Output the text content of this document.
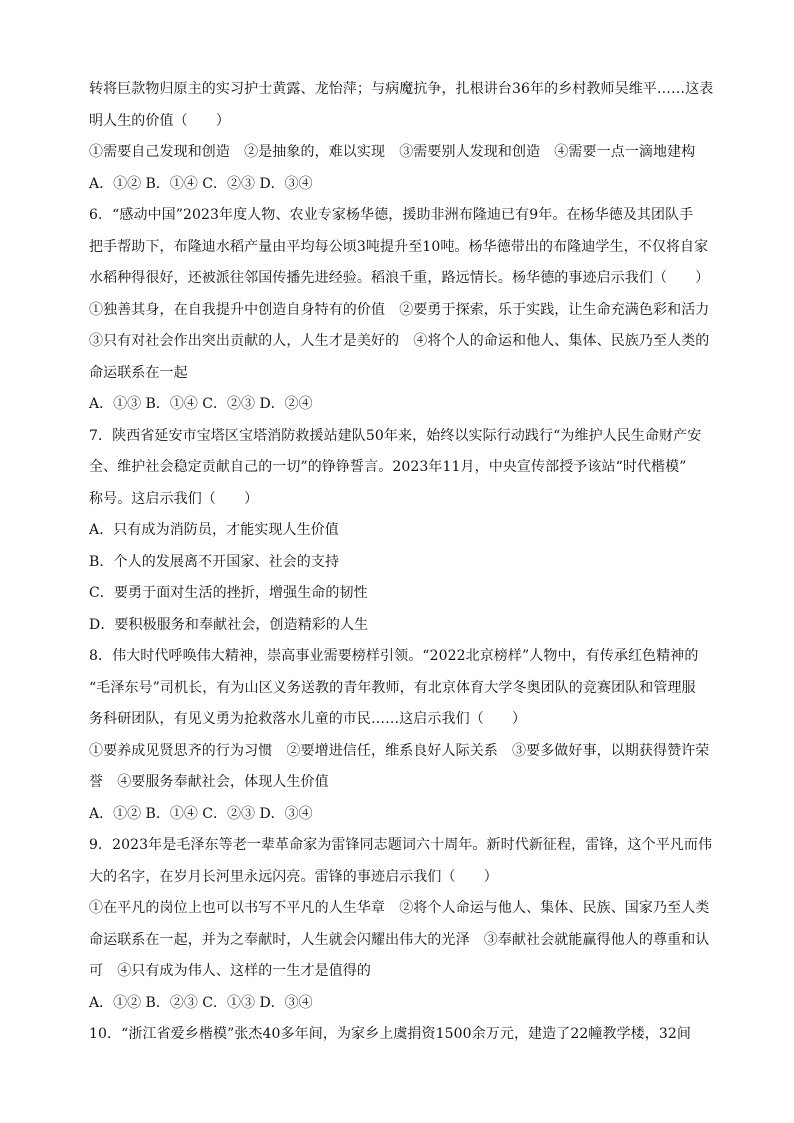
转将巨款物归原主的实习护士黄露、龙怡萍；与病魔抗争，扎根讲台36年的乡村教师吴维平……这表
明人生的价值（　　）
①需要自己发现和创造　②是抽象的，难以实现　③需要别人发现和创造　④需要一点一滴地建构
A．①② B．①④ C．②③ D．③④
6．“感动中国”2023年度人物、农业专家杨华德，援助非洲布隆迪已有9年。在杨华德及其团队手
把手帮助下，布隆迪水稻产量由平均每公顷3吨提升至10吨。杨华德带出的布隆迪学生，不仅将自家
水稻种得很好，还被派往邻国传播先进经验。稻浪千重，路远情长。杨华德的事迹启示我们（　　）
①独善其身，在自我提升中创造自身特有的价值　②要勇于探索，乐于实践，让生命充满色彩和活力
③只有对社会作出突出贡献的人，人生才是美好的　④将个人的命运和他人、集体、民族乃至人类的
命运联系在一起
A．①③ B．①④ C．②③ D．②④
7．陕西省延安市宝塔区宝塔消防救援站建队50年来，始终以实际行动践行“为维护人民生命财产安
全、维护社会稳定贡献自己的一切”的铮铮誓言。2023年11月，中央宣传部授予该站“时代楷模”
称号。这启示我们（　　）
A．只有成为消防员，才能实现人生价值
B．个人的发展离不开国家、社会的支持
C．要勇于面对生活的挫折，增强生命的韧性
D．要积极服务和奉献社会，创造精彩的人生
8．伟大时代呼唤伟大精神，崇高事业需要榜样引领。“2022北京榜样”人物中，有传承红色精神的
“毛泽东号”司机长，有为山区义务送教的青年教师，有北京体育大学冬奥团队的竞赛团队和管理服
务科研团队，有见义勇为抢救落水儿童的市民……这启示我们（　　）
①要养成见贤思齐的行为习惯　②要增进信任，维系良好人际关系　③要多做好事，以期获得赞许荣
誉　④要服务奉献社会，体现人生价值
A．①② B．①④ C．②③ D．③④
9．2023年是毛泽东等老一辈革命家为雷锋同志题词六十周年。新时代新征程，雷锋，这个平凡而伟
大的名字，在岁月长河里永远闪亮。雷锋的事迹启示我们（　　）
①在平凡的岗位上也可以书写不平凡的人生华章　②将个人命运与他人、集体、民族、国家乃至人类
命运联系在一起，并为之奉献时，人生就会闪耀出伟大的光泽　③奉献社会就能赢得他人的尊重和认
可　④只有成为伟人、这样的一生才是值得的
A．①② B．②③ C．①③ D．③④
10．“浙江省爱乡楷模”张杰40多年间，为家乡上虞捐资1500余万元，建造了22幢教学楼，32间
